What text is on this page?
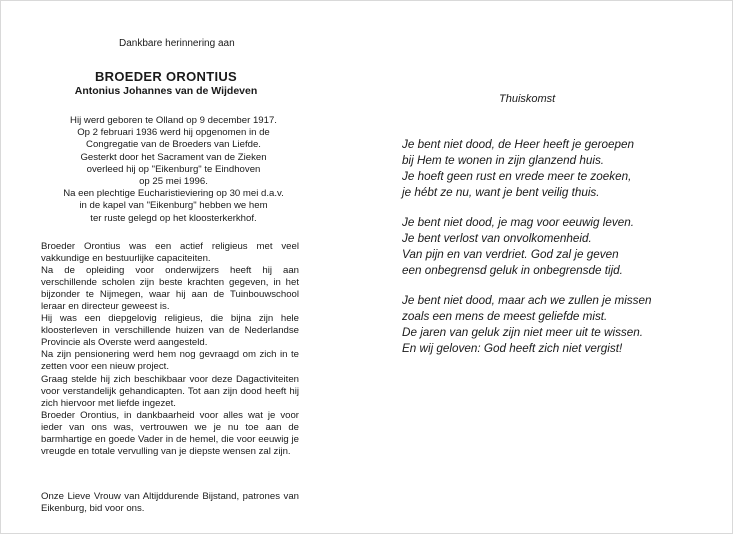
Dankbare herinnering aan
BROEDER ORONTIUS
Antonius Johannes van de Wijdeven
Hij werd geboren te Olland op 9 december 1917.
Op 2 februari 1936 werd hij opgenomen in de
Congregatie van de Broeders van Liefde.
Gesterkt door het Sacrament van de Zieken
overleed hij op "Eikenburg" te Eindhoven
op 25 mei 1996.
Na een plechtige Eucharistieviering op 30 mei d.a.v.
in de kapel van "Eikenburg" hebben we hem
ter ruste gelegd op het kloosterkerkhof.

Broeder Orontius was een actief religieus met veel vakkundige en bestuurlijke capaciteiten.

Na de opleiding voor onderwijzers heeft hij aan verschillende scholen zijn beste krachten gegeven, in het bijzonder te Nijmegen, waar hij aan de Tuinbouwschool leraar en directeur geweest is.

Hij was een diepgelovig religieus, die bijna zijn hele kloosterleven in verschillende huizen van de Nederlandse Provincie als Overste werd aangesteld.

Na zijn pensionering werd hem nog gevraagd om zich in te zetten voor een nieuw project.

Graag stelde hij zich beschikbaar voor deze Dagactiviteiten voor verstandelijk gehandicapten. Tot aan zijn dood heeft hij zich hiervoor met liefde ingezet.

Broeder Orontius, in dankbaarheid voor alles wat je voor ieder van ons was, vertrouwen we je nu toe aan de barmhartige en goede Vader in de hemel, die voor eeuwig je vreugde en totale vervulling van je diepste wensen zal zijn.

Onze Lieve Vrouw van Altijddurende Bijstand, patrones van Eikenburg, bid voor ons.
Thuiskomst
Je bent niet dood, de Heer heeft je geroepen
bij Hem te wonen in zijn glanzend huis.
Je hoeft geen rust en vrede meer te zoeken,
je hébt ze nu, want je bent veilig thuis.
Je bent niet dood, je mag voor eeuwig leven.
Je bent verlost van onvolkomenheid.
Van pijn en van verdriet. God zal je geven
een onbegrensd geluk in onbegrensde tijd.
Je bent niet dood, maar ach we zullen je missen
zoals een mens de meest geliefde mist.
De jaren van geluk zijn niet meer uit te wissen.
En wij geloven: God heeft zich niet vergist!
